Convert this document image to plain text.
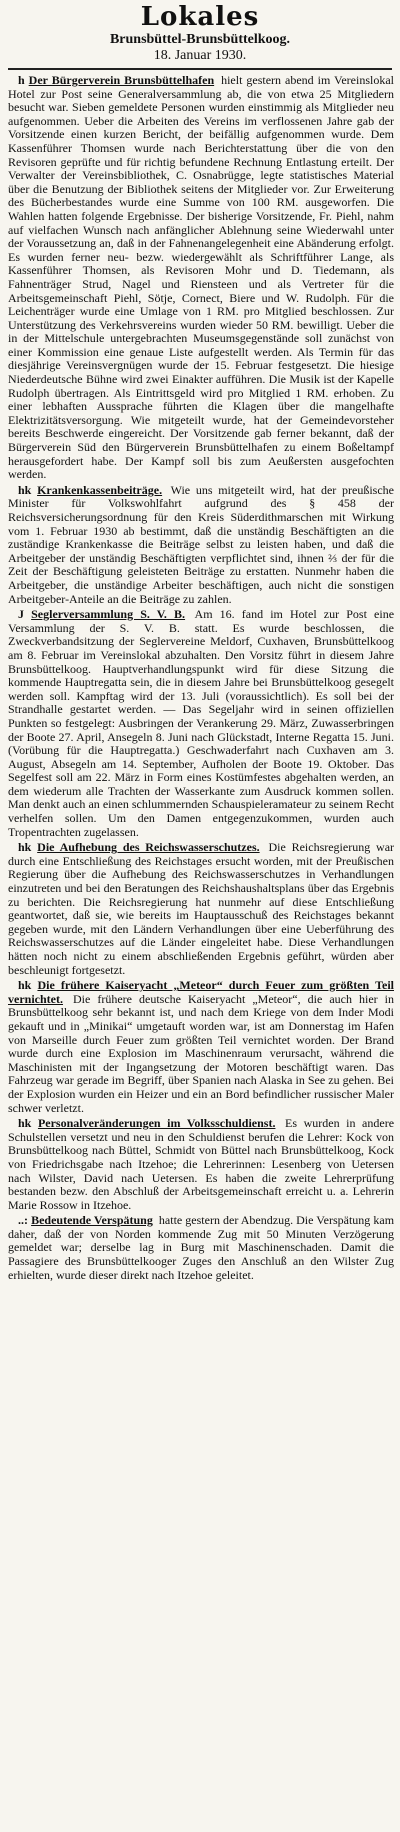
Lokales
Brunsbüttel-Brunsbüttelkoog.
18. Januar 1930.

h Der Bürgerverein Brunsbüttelhafen hielt gestern abend im Vereinslokal Hotel zur Post seine Generalversammlung ab, die von etwa 25 Mitgliedern besucht war. Sieben gemeldete Personen wurden einstimmig als Mitglieder neu aufgenommen. Ueber die Arbeiten des Vereins im verflossenen Jahre gab der Vorsitzende einen kurzen Bericht, der beifällig aufgenommen wurde. Dem Kassenführer Thomsen wurde nach Berichterstattung über die von den Revisoren geprüfte und für richtig befundene Rechnung Entlastung erteilt. Der Verwalter der Vereinsbibliothek, C. Osnabrügge, legte statistisches Material über die Benutzung der Bibliothek seitens der Mitglieder vor. Zur Erweiterung des Bücherbestandes wurde eine Summe von 100 RM. ausgeworfen. Die Wahlen hatten folgende Ergebnisse. Der bisherige Vorsitzende, Fr. Piehl, nahm auf vielfachen Wunsch nach anfänglicher Ablehnung seine Wiederwahl unter der Voraussetzung an, daß in der Fahnenangelegenheit eine Abänderung erfolgt. Es wurden ferner neu- bezw. wiedergewählt als Schriftführer Lange, als Kassenführer Thomsen, als Revisoren Mohr und D. Tiedemann, als Fahnenträger Strud, Nagel und Riensteen und als Vertreter für die Arbeitsgemeinschaft Piehl, Sötje, Cornect, Biere und W. Rudolph. Für die Leichenträger wurde eine Umlage von 1 RM. pro Mitglied beschlossen. Zur Unterstützung des Verkehrsvereins wurden wieder 50 RM. bewilligt. Ueber die in der Mittelschule untergebrachten Museumsgegenstände soll zunächst von einer Kommission eine genaue Liste aufgestellt werden. Als Termin für das diesjährige Vereinsvergnügen wurde der 15. Februar festgesetzt. Die hiesige Niederdeutsche Bühne wird zwei Einakter aufführen. Die Musik ist der Kapelle Rudolph übertragen. Als Eintrittsgeld wird pro Mitglied 1 RM. erhoben. Zu einer lebhaften Aussprache führten die Klagen über die mangelhafte Elektrizitätsversorgung. Wie mitgeteilt wurde, hat der Gemeindevorsteher bereits Beschwerde eingereicht. Der Vorsitzende gab ferner bekannt, daß der Bürgerverein Süd den Bürgerverein Brunsbüttelhafen zu einem Boßeltampf herausgefordert habe. Der Kampf soll bis zum Aeußersten ausgefochten werden.

hk Krankenkassenbeiträge. Wie uns mitgeteilt wird, hat der preußische Minister für Volkswohlfahrt aufgrund des § 458 der Reichsversicherungsordnung für den Kreis Süderdithmarschen mit Wirkung vom 1. Februar 1930 ab bestimmt, daß die unständig Beschäftigten an die zuständige Krankenkasse die Beiträge selbst zu leisten haben, und daß die Arbeitgeber der unständig Beschäftigten verpflichtet sind, ihnen ⅔ der für die Zeit der Beschäftigung geleisteten Beiträge zu erstatten. Nunmehr haben die Arbeitgeber, die unständige Arbeiter beschäftigen, auch nicht die sonstigen Arbeitgeber-Anteile an die Beiträge zu zahlen.

J Seglerversammlung S. V. B. Am 16. fand im Hotel zur Post eine Versammlung der S. V. B. statt. Es wurde beschlossen, die Zweckverbandsitzung der Seglervereine Meldorf, Cuxhaven, Brunsbüttelkoog am 8. Februar im Vereinslokal abzuhalten. Den Vorsitz führt in diesem Jahre Brunsbüttelkoog. Hauptverhandlungspunkt wird für diese Sitzung die kommende Hauptregatta sein, die in diesem Jahre bei Brunsbüttelkoog gesegelt werden soll. Kampftag wird der 13. Juli (voraussichtlich). Es soll bei der Strandhalle gestartet werden. — Das Segeljahr wird in seinen offiziellen Punkten so festgelegt: Ausbringen der Verankerung 29. März, Zuwasserbringen der Boote 27. April, Ansegeln 8. Juni nach Glückstadt, Interne Regatta 15. Juni. (Vorübung für die Hauptregatta.) Geschwaderfahrt nach Cuxhaven am 3. August, Absegeln am 14. September, Aufholen der Boote 19. Oktober. Das Segelfest soll am 22. März in Form eines Kostümfestes abgehalten werden, an dem wiederum alle Trachten der Wasserkante zum Ausdruck kommen sollen. Man denkt auch an einen schlummernden Schauspieleramateur zu seinem Recht verhelfen sollen. Um den Damen entgegenzukommen, wurden auch Tropentrachten zugelassen.

hk Die Aufhebung des Reichswasserschutzes. Die Reichsregierung war durch eine Entschließung des Reichstages ersucht worden, mit der Preußischen Regierung über die Aufhebung des Reichswasserschutzes in Verhandlungen einzutreten und bei den Beratungen des Reichshaushaltsplans über das Ergebnis zu berichten. Die Reichsregierung hat nunmehr auf diese Entschließung geantwortet, daß sie, wie bereits im Hauptausschuß des Reichstages bekannt gegeben wurde, mit den Ländern Verhandlungen über eine Ueberführung des Reichswasserschutzes auf die Länder eingeleitet habe. Diese Verhandlungen hätten noch nicht zu einem abschließenden Ergebnis geführt, würden aber beschleunigt fortgesetzt.

hk Die frühere Kaiseryacht „Meteor“ durch Feuer zum größten Teil vernichtet. Die frühere deutsche Kaiseryacht „Meteor“, die auch hier in Brunsbüttelkoog sehr bekannt ist, und nach dem Kriege von dem Inder Modi gekauft und in „Minikai“ umgetauft worden war, ist am Donnerstag im Hafen von Marseille durch Feuer zum größten Teil vernichtet worden. Der Brand wurde durch eine Explosion im Maschinenraum verursacht, während die Maschinisten mit der Ingangsetzung der Motoren beschäftigt waren. Das Fahrzeug war gerade im Begriff, über Spanien nach Alaska in See zu gehen. Bei der Explosion wurden ein Heizer und ein an Bord befindlicher russischer Maler schwer verletzt.

hk Personalveränderungen im Volksschuldienst. Es wurden in andere Schulstellen versetzt und neu in den Schuldienst berufen die Lehrer: Kock von Brunsbüttelkoog nach Büttel, Schmidt von Büttel nach Brunsbüttelkoog, Kock von Friedrichsgabe nach Itzehoe; die Lehrerinnen: Lesenberg von Uetersen nach Wilster, David nach Uetersen. Es haben die zweite Lehrerprüfung bestanden bezw. den Abschluß der Arbeitsgemeinschaft erreicht u. a. Lehrerin Marie Rossow in Itzehoe.

..: Bedeutende Verspätung hatte gestern der Abendzug. Die Verspätung kam daher, daß der von Norden kommende Zug mit 50 Minuten Verzögerung gemeldet war; derselbe lag in Burg mit Maschinenschaden. Damit die Passagiere des Brunsbüttelkooger Zuges den Anschluß an den Wilster Zug erhielten, wurde dieser direkt nach Itzehoe geleitet.
